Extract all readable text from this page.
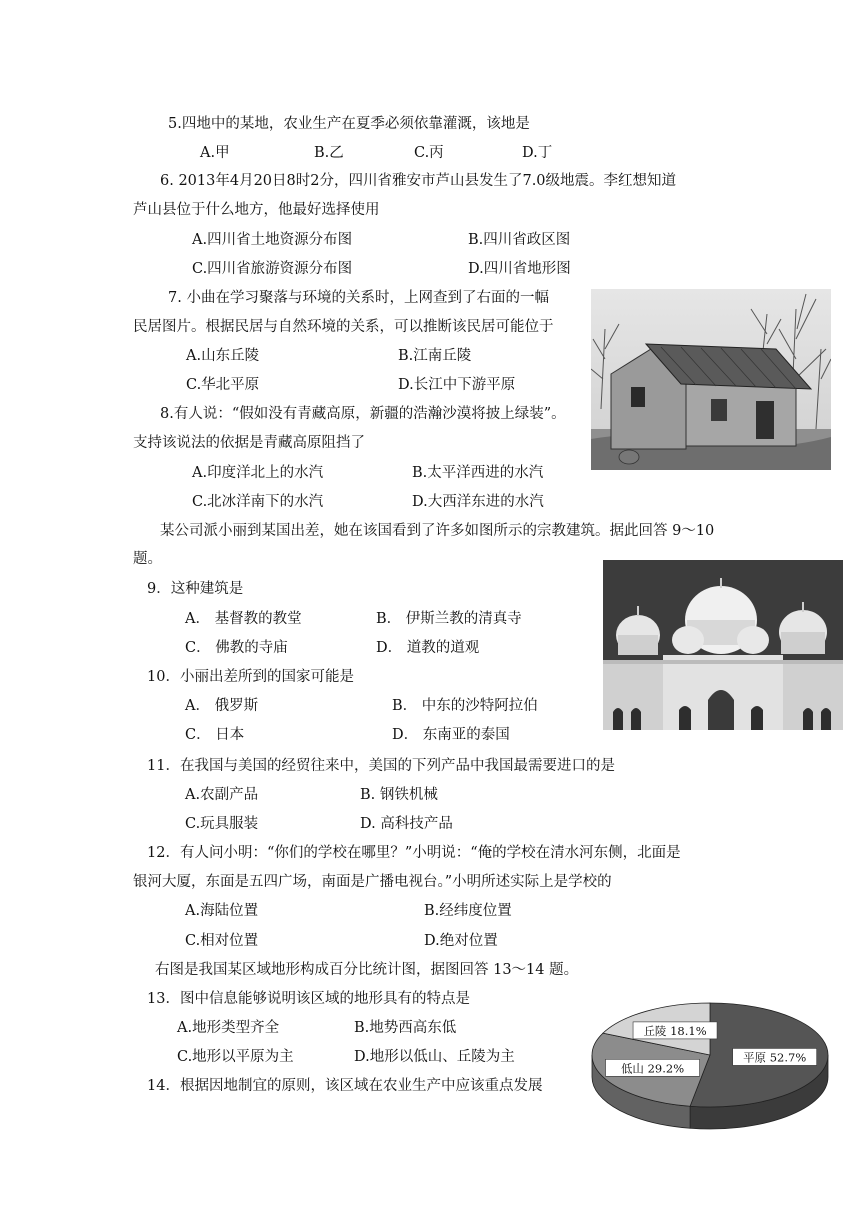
5.四地中的某地，农业生产在夏季必须依靠灌溉，该地是
A.甲	B.乙	C.丙	D.丁
6. 2013年4月20日8时2分，四川省雅安市芦山县发生了7.0级地震。李红想知道
芦山县位于什么地方，他最好选择使用
A.四川省土地资源分布图	B.四川省政区图
C.四川省旅游资源分布图	D.四川省地形图
7. 小曲在学习聚落与环境的关系时，上网查到了右面的一幅
民居图片。根据民居与自然环境的关系，可以推断该民居可能位于
A.山东丘陵	B.江南丘陵
C.华北平原	D.长江中下游平原
8.有人说：“假如没有青藏高原，新疆的浩瀚沙漠将披上绿装”。
支持该说法的依据是青藏高原阻挡了
A.印度洋北上的水汽	B.太平洋西进的水汽
C.北冰洋南下的水汽	D.大西洋东进的水汽
某公司派小丽到某国出差，她在该国看到了许多如图所示的宗教建筑。据此回答 9～10
题。
9．这种建筑是
A． 基督教的教堂	B． 伊斯兰教的清真寺
C． 佛教的寺庙	D． 道教的道观
10．小丽出差所到的国家可能是
A． 俄罗斯	B． 中东的沙特阿拉伯
C． 日本	D． 东南亚的泰国
11．在我国与美国的经贸往来中，美国的下列产品中我国最需要进口的是
A.农副产品	B. 钢铁机械
C.玩具服装	D. 高科技产品
12．有人问小明：“你们的学校在哪里？”小明说：“俺的学校在清水河东侧，北面是
银河大厦，东面是五四广场，南面是广播电视台。”小明所述实际上是学校的
A.海陆位置	B.经纬度位置
C.相对位置	D.绝对位置
右图是我国某区域地形构成百分比统计图，据图回答 13～14 题。
13．图中信息能够说明该区域的地形具有的特点是
A.地形类型齐全	B.地势西高东低
C.地形以平原为主	D.地形以低山、丘陵为主
14．根据因地制宜的原则，该区域在农业生产中应该重点发展
平原 52.7%
低山 29.2%
丘陵 18.1%
